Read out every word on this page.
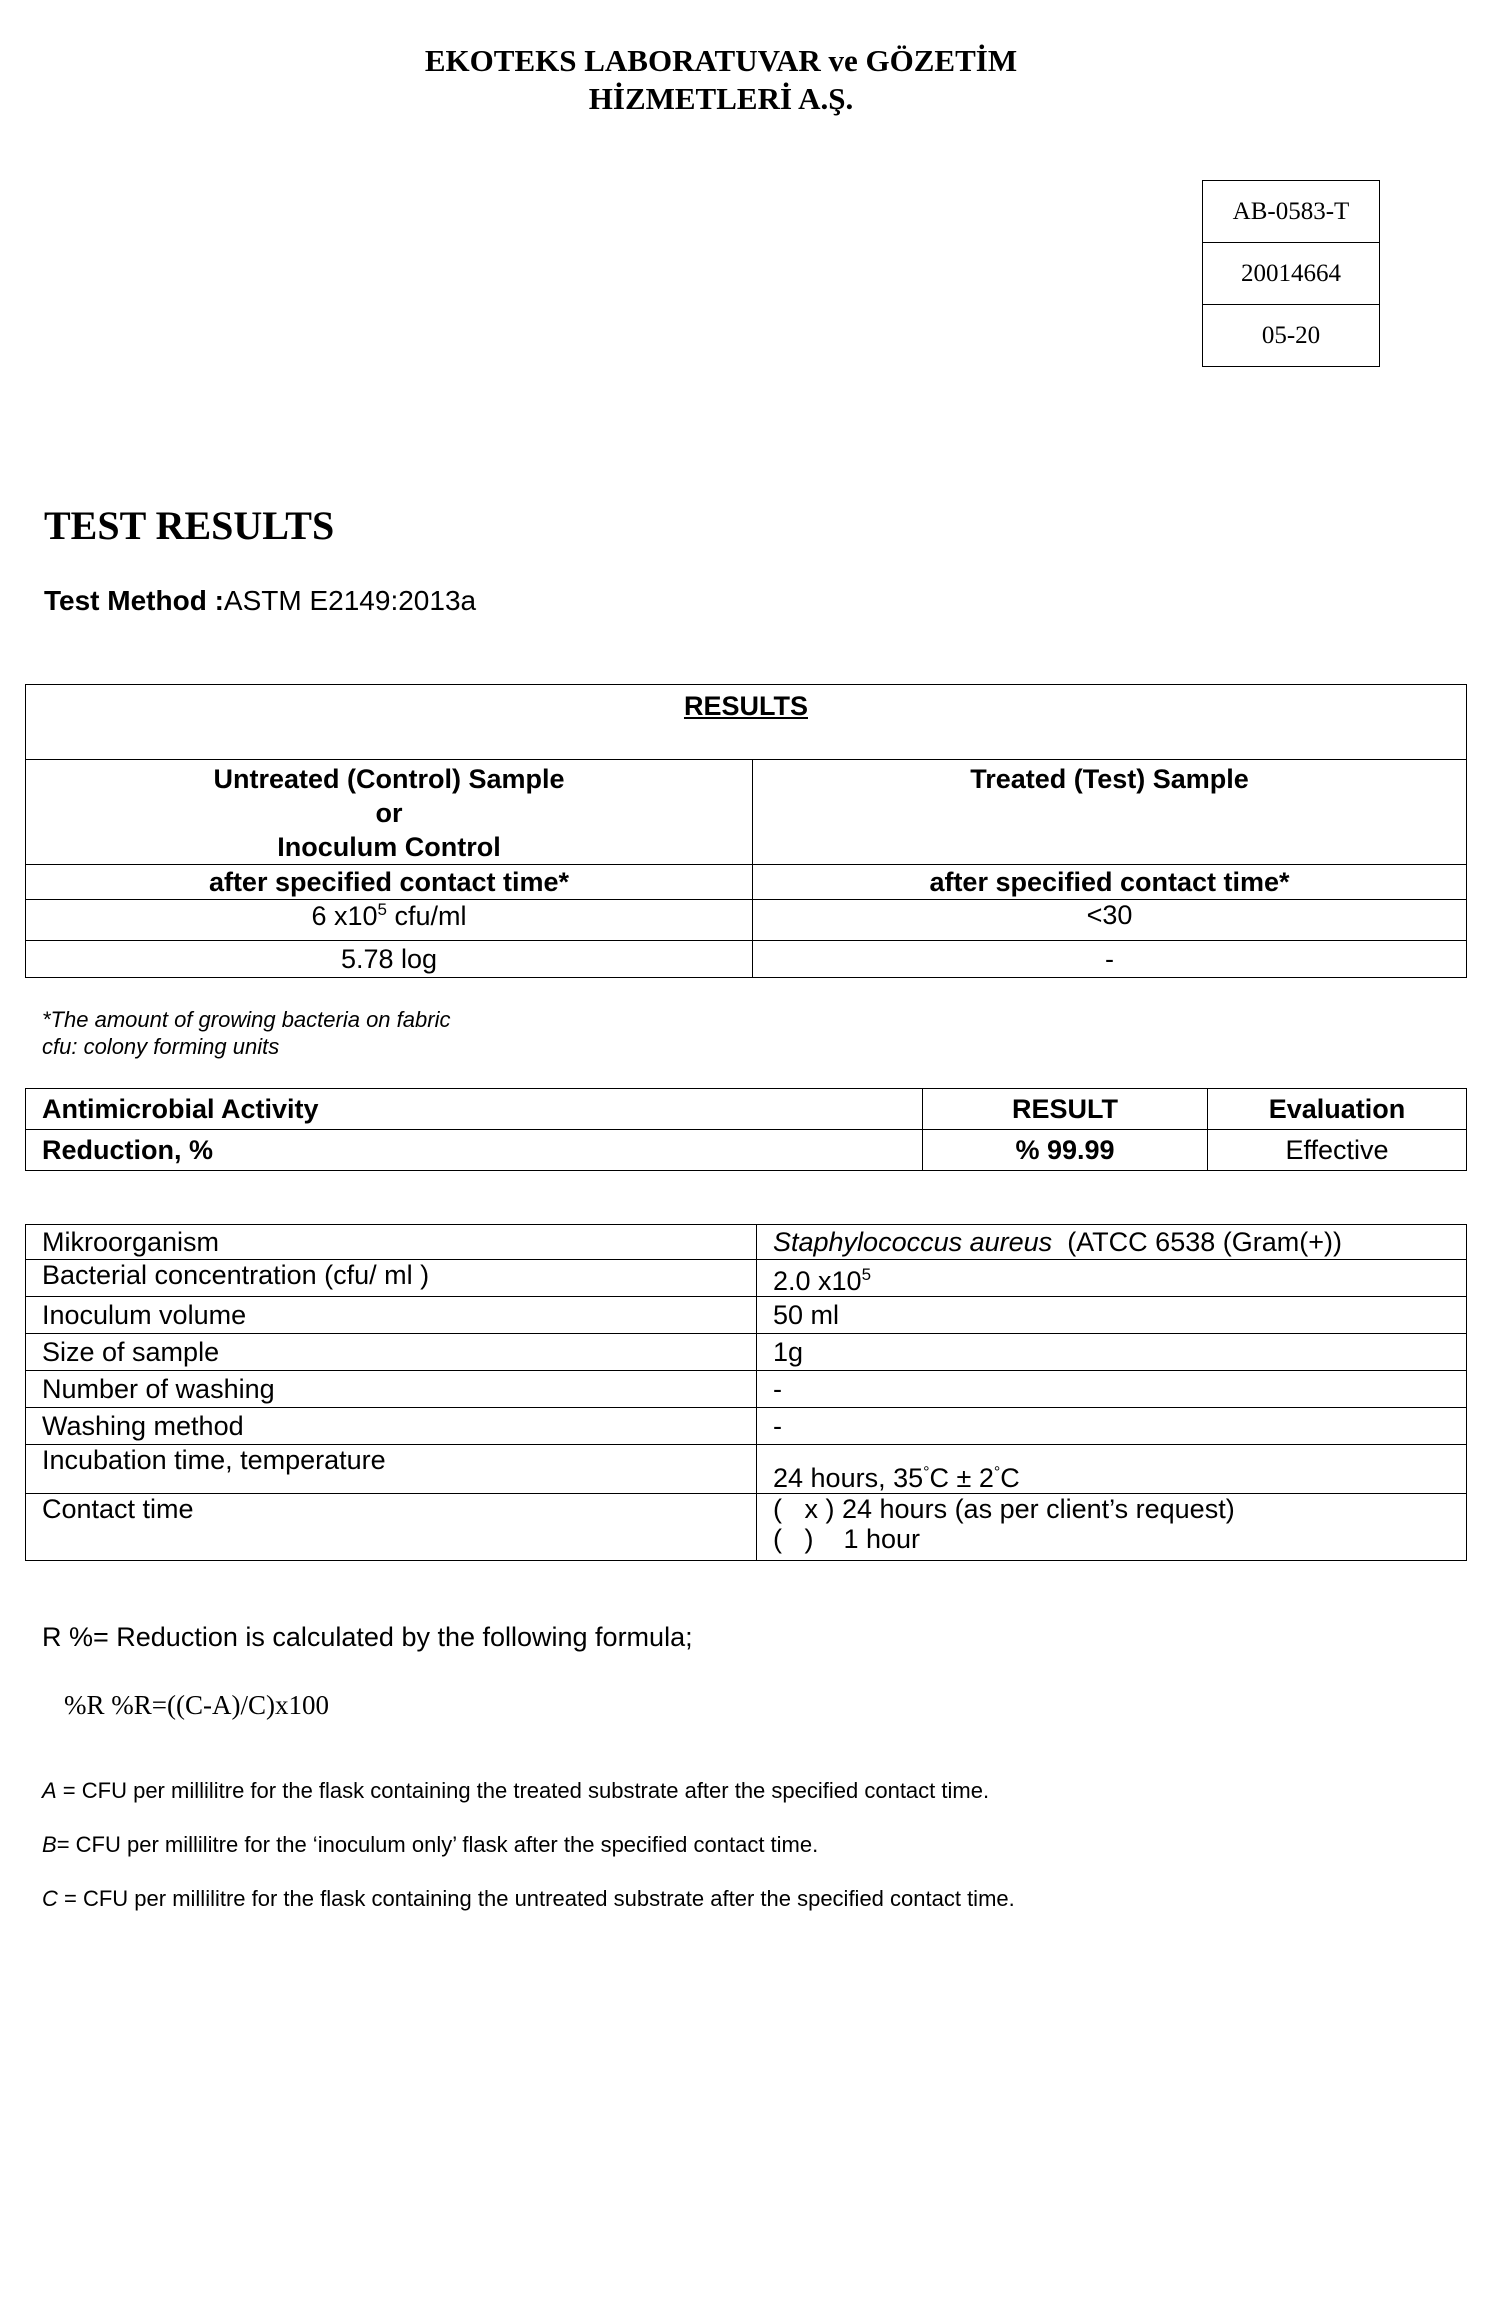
EKOTEKS LABORATUVAR ve GÖZETİM
HİZMETLERİ A.Ş.
AB-0583-T
20014664
05-20
TEST RESULTS
Test Method :ASTM E2149:2013a
RESULTS	

Untreated (Control) Sample
or
Inoculum Control	Treated (Test) Sample
after specified contact time*	after specified contact time*
6 $x10^5$ cfu/ml	<30
5.78 log	-
*The amount of growing bacteria on fabric
cfu: colony forming units
Antimicrobial Activity	RESULT	Evaluation
Reduction, %	% 99.99	Effective
Mikroorganism	Staphylococcus aureus (ATCC 6538 (Gram(+))
Bacterial concentration (cfu/ ml )	2.0 $x10^5$
Inoculum volume	50 ml
Size of sample	1g
Number of washing	-
Washing method	-
Incubation time, temperature	24 hours, 35°C ± 2°C
Contact time	(   x ) 24 hours (as per client’s request)
(   )    1 hour
R %= Reduction is calculated by the following formula;
%R %R=((C-A)/C)x100
A = CFU per millilitre for the flask containing the treated substrate after the specified contact time.
B= CFU per millilitre for the ‘inoculum only’ flask after the specified contact time.
C = CFU per millilitre for the flask containing the untreated substrate after the specified contact time.
